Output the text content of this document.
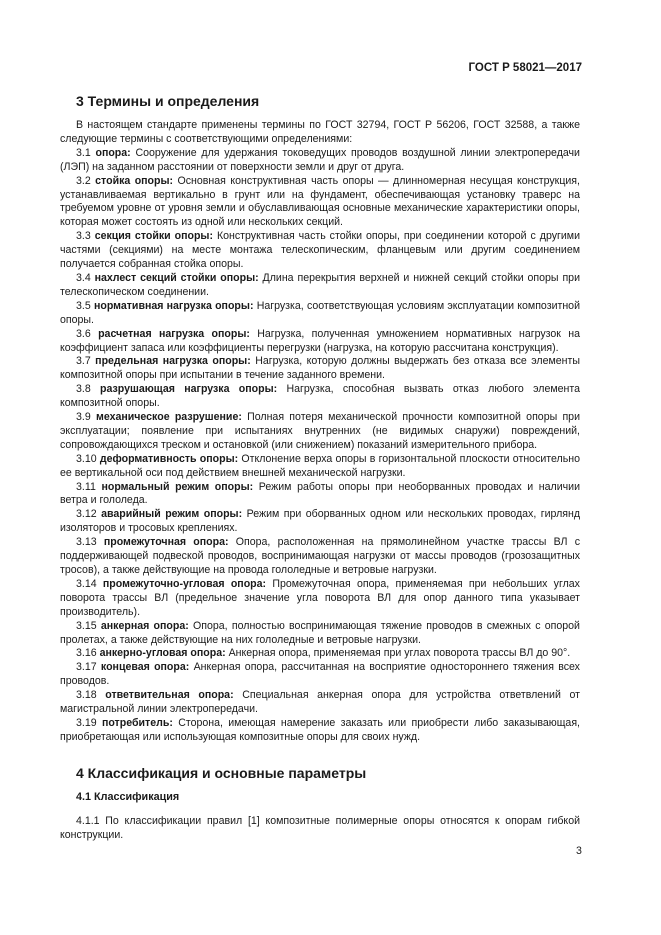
ГОСТ Р 58021—2017
3 Термины и определения

В настоящем стандарте применены термины по ГОСТ 32794, ГОСТ Р 56206, ГОСТ 32588, а также следующие термины с соответствующими определениями:

3.1 опора: Сооружение для удержания токоведущих проводов воздушной линии электропередачи (ЛЭП) на заданном расстоянии от поверхности земли и друг от друга.

3.2 стойка опоры: Основная конструктивная часть опоры — длинномерная несущая конструкция, устанавливаемая вертикально в грунт или на фундамент, обеспечивающая установку траверс на требуемом уровне от уровня земли и обуславливающая основные механические характеристики опоры, которая может состоять из одной или нескольких секций.

3.3 секция стойки опоры: Конструктивная часть стойки опоры, при соединении которой с другими частями (секциями) на месте монтажа телескопическим, фланцевым или другим соединением получается собранная стойка опоры.

3.4 нахлест секций стойки опоры: Длина перекрытия верхней и нижней секций стойки опоры при телескопическом соединении.

3.5 нормативная нагрузка опоры: Нагрузка, соответствующая условиям эксплуатации композитной опоры.

3.6 расчетная нагрузка опоры: Нагрузка, полученная умножением нормативных нагрузок на коэффициент запаса или коэффициенты перегрузки (нагрузка, на которую рассчитана конструкция).

3.7 предельная нагрузка опоры: Нагрузка, которую должны выдержать без отказа все элементы композитной опоры при испытании в течение заданного времени.

3.8 разрушающая нагрузка опоры: Нагрузка, способная вызвать отказ любого элемента композитной опоры.

3.9 механическое разрушение: Полная потеря механической прочности композитной опоры при эксплуатации; появление при испытаниях внутренних (не видимых снаружи) повреждений, сопровождающихся треском и остановкой (или снижением) показаний измерительного прибора.

3.10 деформативность опоры: Отклонение верха опоры в горизонтальной плоскости относительно ее вертикальной оси под действием внешней механической нагрузки.

3.11 нормальный режим опоры: Режим работы опоры при необорванных проводах и наличии ветра и гололеда.

3.12 аварийный режим опоры: Режим при оборванных одном или нескольких проводах, гирлянд изоляторов и тросовых креплениях.

3.13 промежуточная опора: Опора, расположенная на прямолинейном участке трассы ВЛ с поддерживающей подвеской проводов, воспринимающая нагрузки от массы проводов (грозозащитных тросов), а также действующие на провода гололедные и ветровые нагрузки.

3.14 промежуточно-угловая опора: Промежуточная опора, применяемая при небольших углах поворота трассы ВЛ (предельное значение угла поворота ВЛ для опор данного типа указывает производитель).

3.15 анкерная опора: Опора, полностью воспринимающая тяжение проводов в смежных с опорой пролетах, а также действующие на них гололедные и ветровые нагрузки.

3.16 анкерно-угловая опора: Анкерная опора, применяемая при углах поворота трассы ВЛ до 90°.

3.17 концевая опора: Анкерная опора, рассчитанная на восприятие одностороннего тяжения всех проводов.

3.18 ответвительная опора: Специальная анкерная опора для устройства ответвлений от магистральной линии электропередачи.

3.19 потребитель: Сторона, имеющая намерение заказать или приобрести либо заказывающая, приобретающая или использующая композитные опоры для своих нужд.

4 Классификация и основные параметры
4.1 Классификация

4.1.1 По классификации правил [1] композитные полимерные опоры относятся к опорам гибкой конструкции.

3
